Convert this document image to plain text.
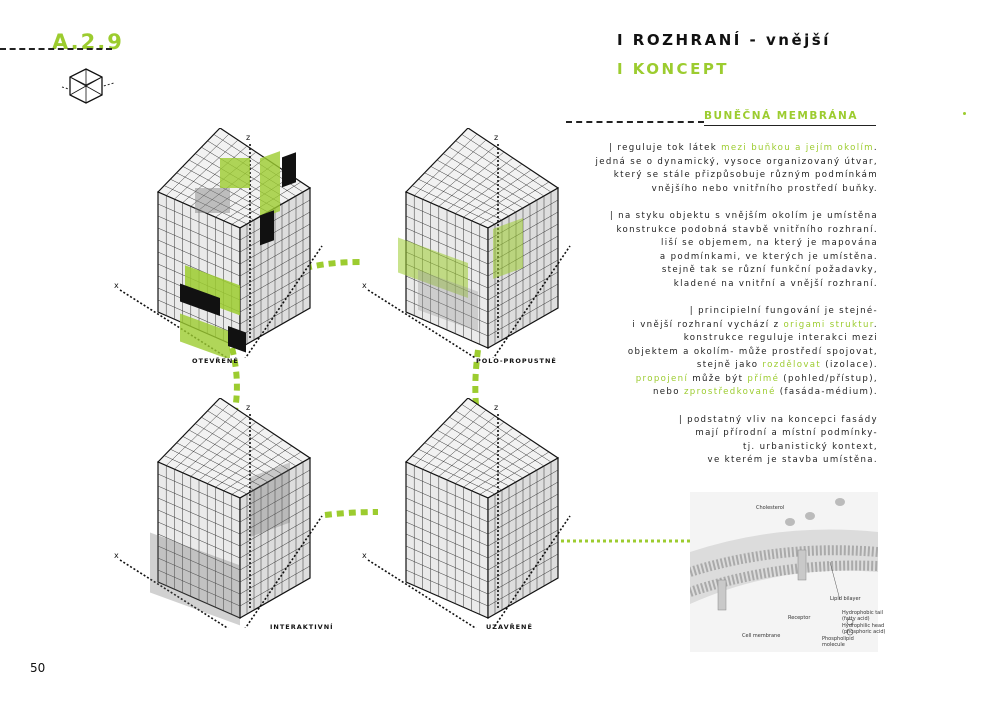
A.2.9	I ROZHRANÍ - vnější
I KONCEPT
BUNĚČNÁ MEMBRÁNA
| reguluje tok látek mezi buňkou a jejím okolím.
jedná se o dynamický, vysoce organizovaný útvar,
který se stále přizpůsobuje různým podmínkám
vnějšího nebo vnitřního prostředí buňky.
| na styku objektu s vnějším okolím je umístěna
konstrukce podobná stavbě vnitřního rozhraní.
liší se objemem, na který je mapována
a podmínkami, ve kterých je umístěna.
stejně tak se různí funkční požadavky,
kladené na vnitřní a vnější rozhraní.
| principielní fungování je stejné-
i vnější rozhraní vychází z origami struktur.
konstrukce reguluje interakci mezi
objektem a okolím- může prostředí spojovat,
stejně jako rozdělovat (izolace).
propojení může být přímé (pohled/přístup),
nebo zprostředkované (fasáda-médium).
| podstatný vliv na koncepci fasády
mají přírodní a místní podmínky-
tj. urbanistický kontext,
ve kterém je stavba umístěna.
x
z
OTEVŘENÉ
x
z
POLO-PROPUSTNÉ
x
z
INTERAKTIVNÍ
x
z
UZAVŘENÉ
Cholesterol
Lipid bilayer
Hydrophobic tail
(fatty acid)
Hydrophilic head
(phosphoric acid)
Receptor
Cell membrane	Phospholipid
molecule
50
